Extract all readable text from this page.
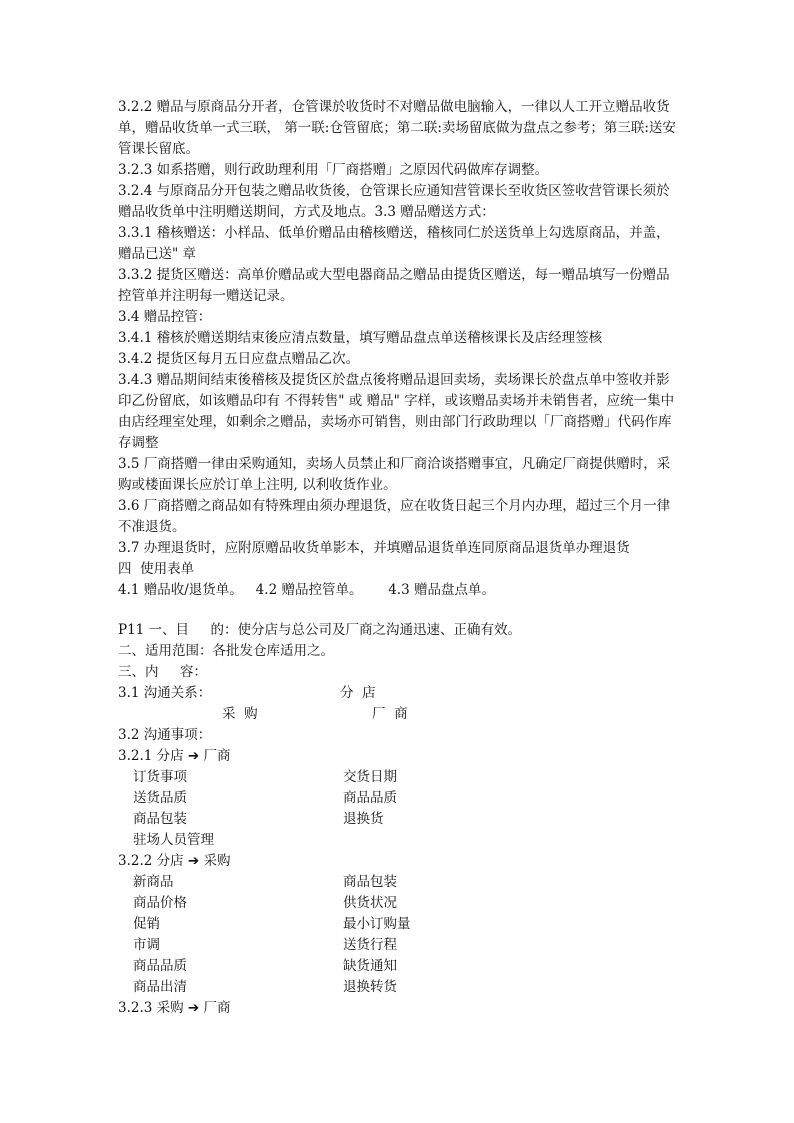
3.2.2 赠品与原商品分开者，仓管课於收货时不对赠品做电脑输入，一律以人工开立赠品收货单，赠品收货单一式三联， 第一联:仓管留底；第二联:卖场留底做为盘点之参考；第三联:送安管课长留底。

3.2.3 如系搭赠，则行政助理利用「厂商搭赠」之原因代码做库存调整。

3.2.4 与原商品分开包装之赠品收货後，仓管课长应通知营管课长至收货区签收营管课长须於赠品收货单中注明赠送期间，方式及地点。3.3 赠品赠送方式：

3.3.1 稽核赠送：小样品、低单价赠品由稽核赠送，稽核同仁於送货单上勾选原商品，并盖，赠品已送" 章

3.3.2 提货区赠送：高单价赠品或大型电器商品之赠品由提货区赠送，每一赠品填写一份赠品控管单并注明每一赠送记录。

3.4 赠品控管：

3.4.1 稽核於赠送期结束後应清点数量，填写赠品盘点单送稽核课长及店经理签核

3.4.2 提货区每月五日应盘点赠品乙次。

3.4.3 赠品期间结束後稽核及提货区於盘点後将赠品退回卖场，卖场课长於盘点单中签收并影印乙份留底，如该赠品印有 不得转售" 或 赠品" 字样，或该赠品卖场并未销售者，应统一集中由店经理室处理，如剩余之赠品，卖场亦可销售，则由部门行政助理以「厂商搭赠」代码作库存调整

3.5 厂商搭赠一律由采购通知，卖场人员禁止和厂商洽谈搭赠事宜，凡确定厂商提供赠时，采购或楼面课长应於订单上注明, 以利收货作业。

3.6 厂商搭赠之商品如有特殊理由须办理退货，应在收货日起三个月内办理，超过三个月一律不准退货。

3.7 办理退货时，应附原赠品收货单影本，并填赠品退货单连同原商品退货单办理退货

四  使用表单

4.1 赠品收/退货单。   4.2 赠品控管单。      4.3 赠品盘点单。

P11 一、目     的：使分店与总公司及厂商之沟通迅速、正确有效。

二、适用范围：各批发仓库适用之。

三、内     容：

3.1 沟通关系：	分  店

采  购	厂  商

3.2 沟通事项：

3.2.1 分店 ➔ 厂商

订货事项	交货日期

送货品质	商品品质

商品包装	退换货

驻场人员管理

3.2.2 分店 ➔ 采购

新商品	商品包装

商品价格	供货状况

促销	最小订购量

市调	送货行程

商品品质	缺货通知

商品出清	退换转货

3.2.3 采购 ➔ 厂商
